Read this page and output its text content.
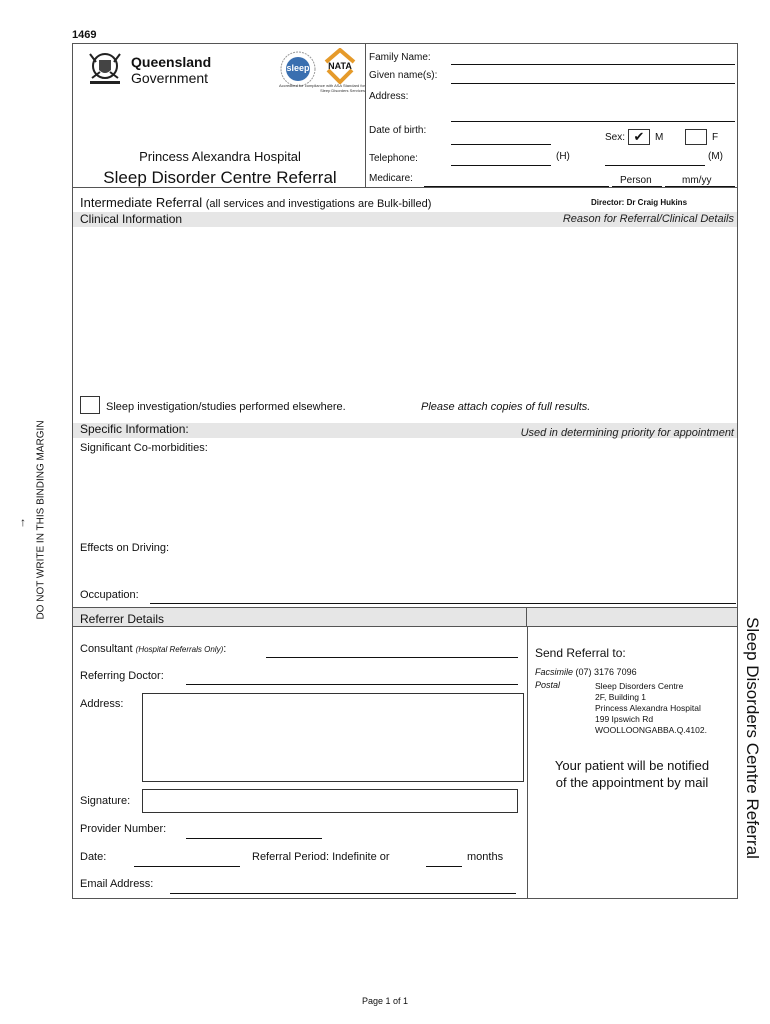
1469
Queensland
Government
sleep	NATA
Accredited for compliance with ASA Standard for Sleep Disorders Services
Princess Alexandra Hospital
Sleep Disorder Centre Referral
Family Name:
Given name(s):
Address:
Date of birth:
Sex: ✔	M	F
Telephone:	(H)	(M)
Medicare:	Person	mm/yy
Intermediate Referral (all services and investigations are Bulk-billed)	Director: Dr Craig Hukins
Clinical Information	Reason for Referral/Clinical Details
Sleep investigation/studies performed elsewhere.	Please attach copies of full results.
Specific Information:	Used in determining priority for appointment
Significant Co-morbidities:
Effects on Driving:
Occupation:
Referrer Details
Consultant (Hospital Referrals Only):
Referring Doctor:
Address:
Signature:
Provider Number:
Date:	Referral Period: Indefinite or	months
Email Address:
Send Referral to:
Facsimile (07) 3176 7096
Postal	Sleep Disorders Centre
2F, Building 1
Princess Alexandra Hospital
199 Ipswich Rd
WOOLLOONGABBA.Q.4102.
Your patient will be notified of the appointment by mail
↑ DO NOT WRITE IN THIS BINDING MARGIN
Sleep Disorders Centre Referral
Page 1 of 1
